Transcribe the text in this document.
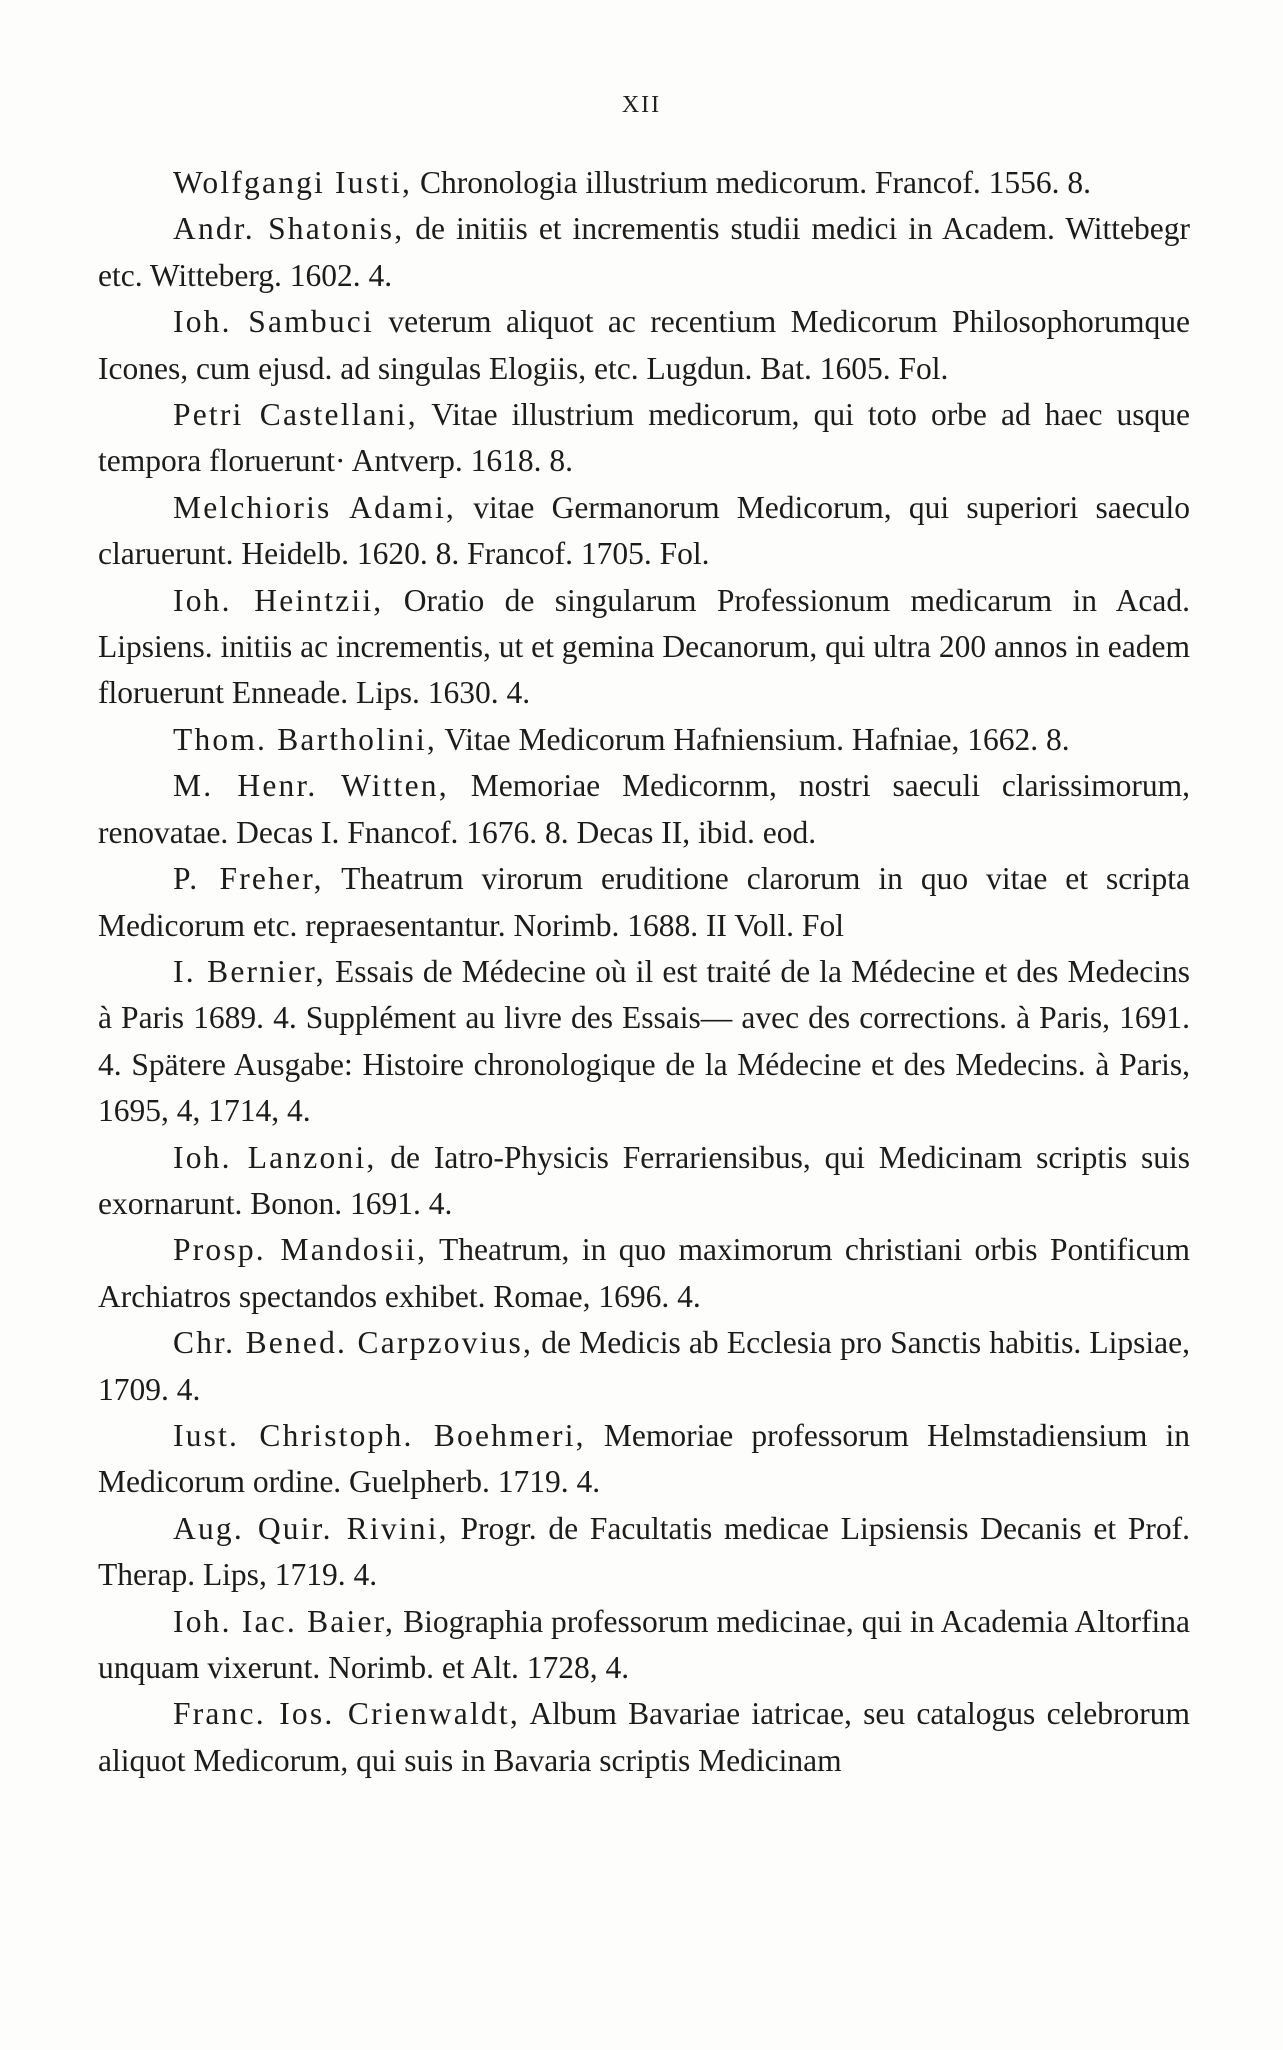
XII

Wolfgangi Iusti, Chronologia illustrium medicorum. Francof. 1556. 8.

Andr. Shatonis, de initiis et incrementis studii medici in Academ. Wittebegr etc. Witteberg. 1602. 4.

Ioh. Sambuci veterum aliquot ac recentium Medicorum Philosophorumque Icones, cum ejusd. ad singulas Elogiis, etc. Lugdun. Bat. 1605. Fol.

Petri Castellani, Vitae illustrium medicorum, qui toto orbe ad haec usque tempora floruerunt· Antverp. 1618. 8.

Melchioris Adami, vitae Germanorum Medicorum, qui superiori saeculo claruerunt. Heidelb. 1620. 8. Francof. 1705. Fol.

Ioh. Heintzii, Oratio de singularum Professionum medicarum in Acad. Lipsiens. initiis ac incrementis, ut et gemina Decanorum, qui ultra 200 annos in eadem floruerunt Enneade. Lips. 1630. 4.

Thom. Bartholini, Vitae Medicorum Hafniensium. Hafniae, 1662. 8.

M. Henr. Witten, Memoriae Medicornm, nostri saeculi clarissimorum, renovatae. Decas I. Fnancof. 1676. 8. Decas II, ibid. eod.

P. Freher, Theatrum virorum eruditione clarorum in quo vitae et scripta Medicorum etc. repraesentantur. Norimb. 1688. II Voll. Fol

I. Bernier, Essais de Médecine où il est traité de la Médecine et des Medecins à Paris 1689. 4. Supplément au livre des Essais— avec des corrections. à Paris, 1691. 4. Spätere Ausgabe: Histoire chronologique de la Médecine et des Medecins. à Paris, 1695, 4, 1714, 4.

Ioh. Lanzoni, de Iatro-Physicis Ferrariensibus, qui Medicinam scriptis suis exornarunt. Bonon. 1691. 4.

Prosp. Mandosii, Theatrum, in quo maximorum christiani orbis Pontificum Archiatros spectandos exhibet. Romae, 1696. 4.

Chr. Bened. Carpzovius, de Medicis ab Ecclesia pro Sanctis habitis. Lipsiae, 1709. 4.

Iust. Christoph. Boehmeri, Memoriae professorum Helmstadiensium in Medicorum ordine. Guelpherb. 1719. 4.

Aug. Quir. Rivini, Progr. de Facultatis medicae Lipsiensis Decanis et Prof. Therap. Lips, 1719. 4.

Ioh. Iac. Baier, Biographia professorum medicinae, qui in Academia Altorfina unquam vixerunt. Norimb. et Alt. 1728, 4.

Franc. Ios. Crienwaldt, Album Bavariae iatricae, seu catalogus celebrorum aliquot Medicorum, qui suis in Bavaria scriptis Medicinam
